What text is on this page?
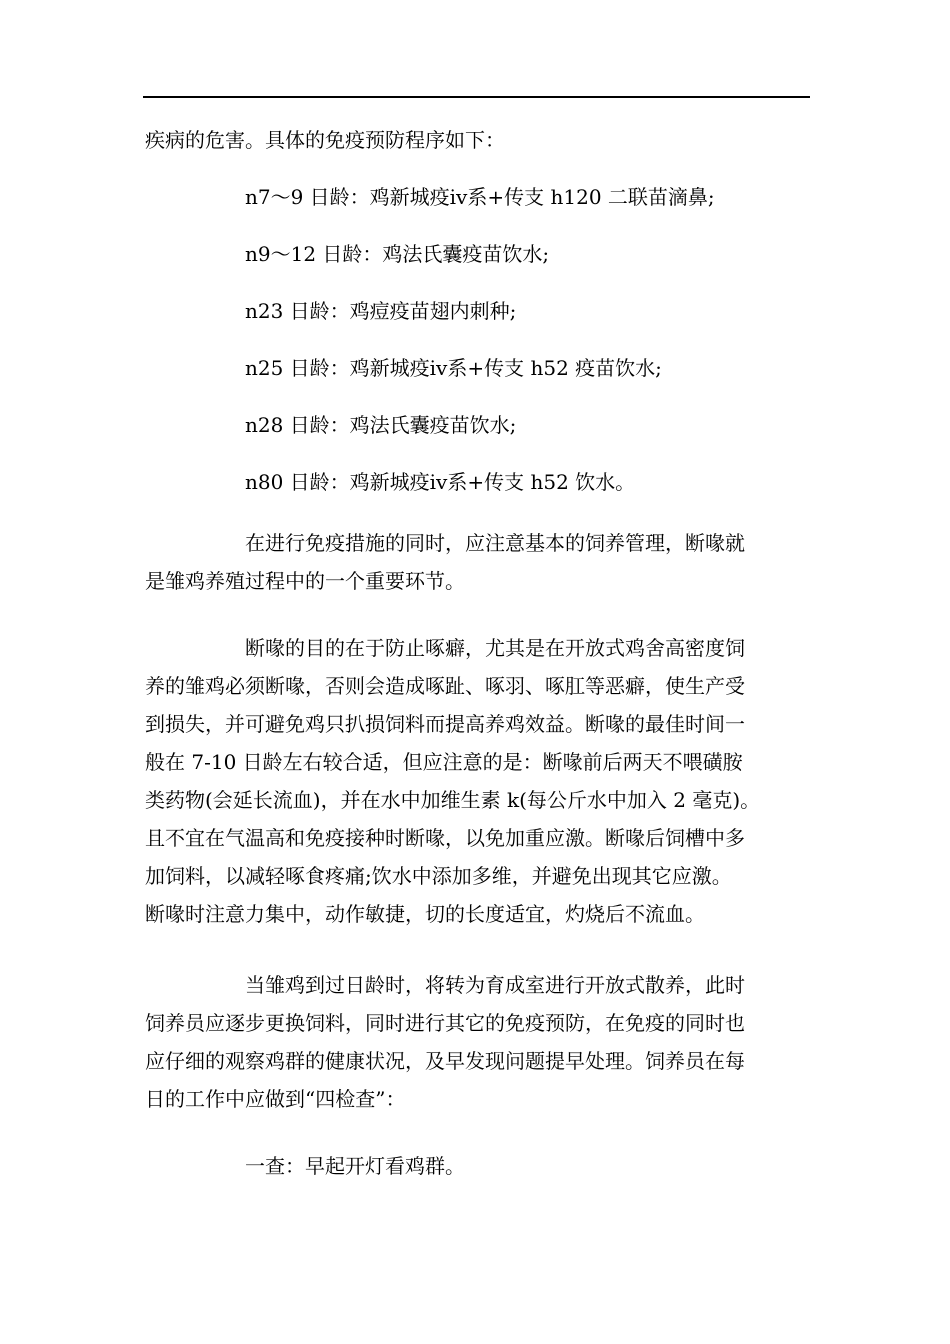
疾病的危害。具体的免疫预防程序如下：
n7～9 日龄：鸡新城疫ⅳ系+传支 h120 二联苗滴鼻;
n9～12 日龄：鸡法氏囊疫苗饮水;
n23 日龄：鸡痘疫苗翅内刺种;
n25 日龄：鸡新城疫ⅳ系+传支 h52 疫苗饮水;
n28 日龄：鸡法氏囊疫苗饮水;
n80 日龄：鸡新城疫ⅳ系+传支 h52 饮水。
在进行免疫措施的同时，应注意基本的饲养管理，断喙就
是雏鸡养殖过程中的一个重要环节。
断喙的目的在于防止啄癖，尤其是在开放式鸡舍高密度饲
养的雏鸡必须断喙，否则会造成啄趾、啄羽、啄肛等恶癖，使生产受
到损失，并可避免鸡只扒损饲料而提高养鸡效益。断喙的最佳时间一
般在 7-10 日龄左右较合适，但应注意的是：断喙前后两天不喂磺胺
类药物(会延长流血)，并在水中加维生素 k(每公斤水中加入 2 毫克)。
且不宜在气温高和免疫接种时断喙，以免加重应激。断喙后饲槽中多
加饲料，以减轻啄食疼痛;饮水中添加多维，并避免出现其它应激。
断喙时注意力集中，动作敏捷，切的长度适宜，灼烧后不流血。
当雏鸡到过日龄时，将转为育成室进行开放式散养，此时
饲养员应逐步更换饲料，同时进行其它的免疫预防，在免疫的同时也
应仔细的观察鸡群的健康状况，及早发现问题提早处理。饲养员在每
日的工作中应做到“四检查”：
一查：早起开灯看鸡群。
